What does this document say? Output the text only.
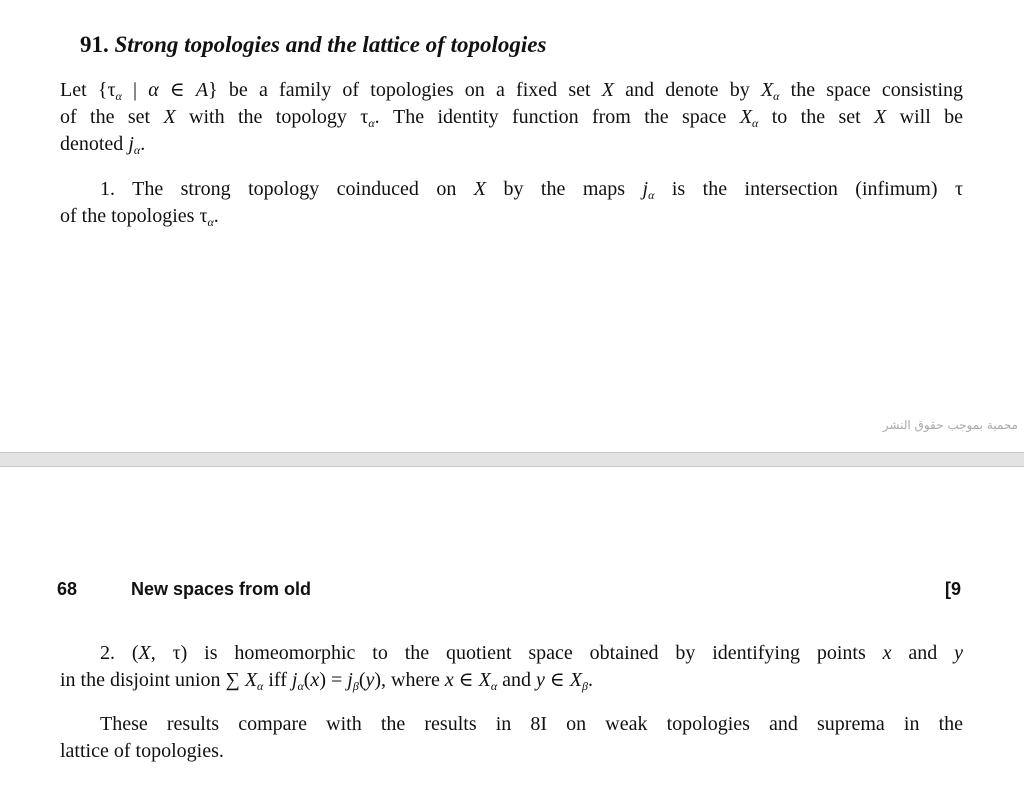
91. Strong topologies and the lattice of topologies
Let {$\tau_\alpha$ | α ∈ A} be a family of topologies on a fixed set X and denote by $X_\alpha$ the space consisting
of the set X with the topology $\tau_\alpha$. The identity function from the space $X_\alpha$ to the set X will be
denoted $j_\alpha$.
1. The strong topology coinduced on X by the maps $j_\alpha$ is the intersection (infimum) τ
of the topologies $\tau_\alpha$.
محمية بموجب حقوق النشر
68	New spaces from old	[9
2. (X, τ) is homeomorphic to the quotient space obtained by identifying points x and y
in the disjoint union ∑ $X_\alpha$ iff $j_\alpha(x) = j_\beta(y)$, where x ∈ $X_\alpha$ and y ∈ $X_\beta$.
These results compare with the results in 8I on weak topologies and suprema in the
lattice of topologies.
